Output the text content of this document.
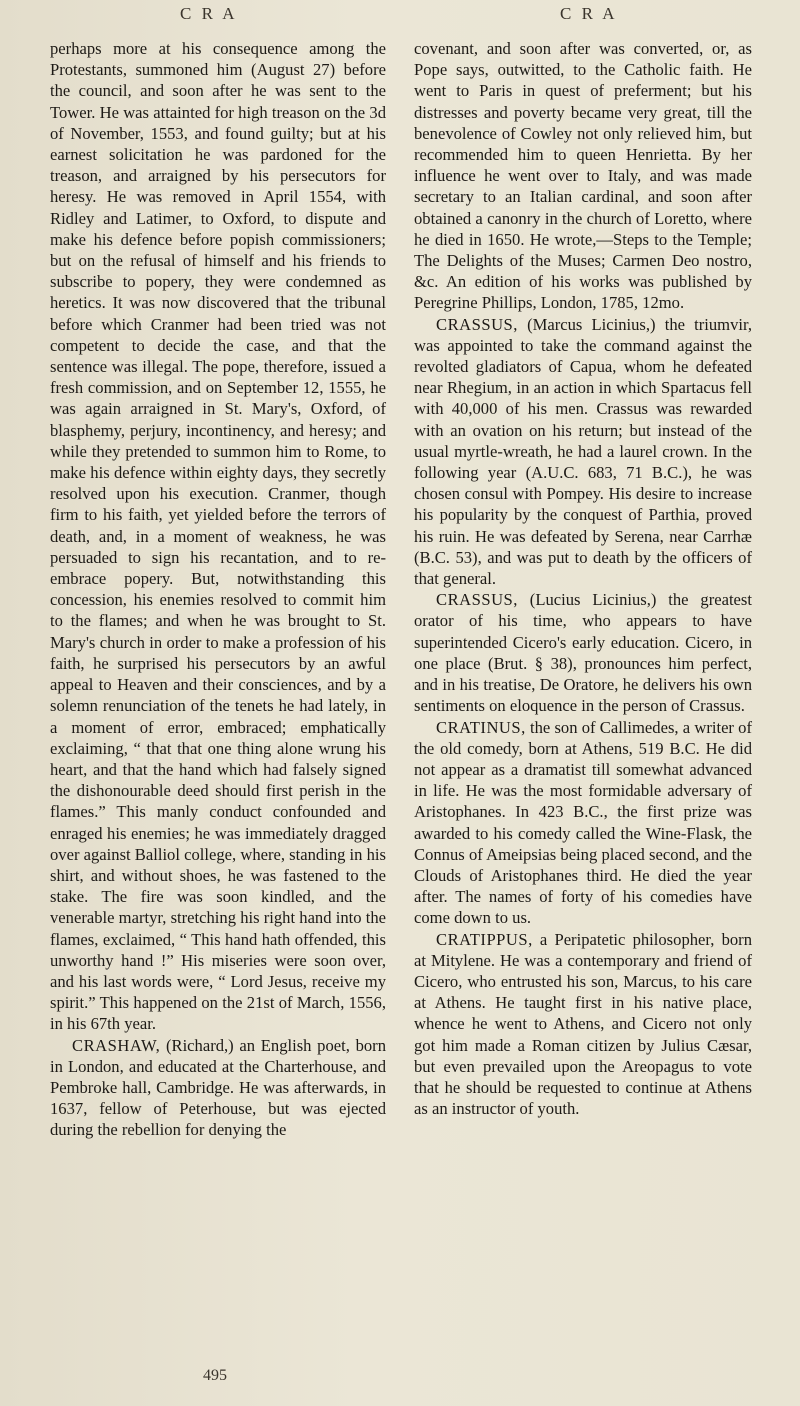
C R A	C R A

perhaps more at his consequence among the Protestants, summoned him (August 27) before the council, and soon after he was sent to the Tower. He was attainted for high treason on the 3d of November, 1553, and found guilty; but at his earnest solicitation he was pardoned for the treason, and arraigned by his persecutors for heresy. He was removed in April 1554, with Ridley and Latimer, to Oxford, to dispute and make his defence before popish commissioners; but on the refusal of himself and his friends to subscribe to popery, they were condemned as heretics. It was now discovered that the tribunal before which Cranmer had been tried was not competent to decide the case, and that the sentence was illegal. The pope, therefore, issued a fresh commission, and on September 12, 1555, he was again arraigned in St. Mary's, Oxford, of blasphemy, perjury, incontinency, and heresy; and while they pretended to summon him to Rome, to make his defence within eighty days, they secretly resolved upon his execution. Cranmer, though firm to his faith, yet yielded before the terrors of death, and, in a moment of weakness, he was persuaded to sign his recantation, and to re-embrace popery. But, notwithstanding this concession, his enemies resolved to commit him to the flames; and when he was brought to St. Mary's church in order to make a profession of his faith, he surprised his persecutors by an awful appeal to Heaven and their consciences, and by a solemn renunciation of the tenets he had lately, in a moment of error, embraced; emphatically exclaiming, “ that that one thing alone wrung his heart, and that the hand which had falsely signed the dishonourable deed should first perish in the flames.” This manly conduct confounded and enraged his enemies; he was immediately dragged over against Balliol college, where, standing in his shirt, and without shoes, he was fastened to the stake. The fire was soon kindled, and the venerable martyr, stretching his right hand into the flames, exclaimed, “ This hand hath offended, this unworthy hand !” His miseries were soon over, and his last words were, “ Lord Jesus, receive my spirit.” This happened on the 21st of March, 1556, in his 67th year.

CRASHAW, (Richard,) an English poet, born in London, and educated at the Charterhouse, and Pembroke hall, Cambridge. He was afterwards, in 1637, fellow of Peterhouse, but was ejected during the rebellion for denying the

covenant, and soon after was converted, or, as Pope says, outwitted, to the Catholic faith. He went to Paris in quest of preferment; but his distresses and poverty became very great, till the benevolence of Cowley not only relieved him, but recommended him to queen Henrietta. By her influence he went over to Italy, and was made secretary to an Italian cardinal, and soon after obtained a canonry in the church of Loretto, where he died in 1650. He wrote,—Steps to the Temple; The Delights of the Muses; Carmen Deo nostro, &c. An edition of his works was published by Peregrine Phillips, London, 1785, 12mo.

CRASSUS, (Marcus Licinius,) the triumvir, was appointed to take the command against the revolted gladiators of Capua, whom he defeated near Rhegium, in an action in which Spartacus fell with 40,000 of his men. Crassus was rewarded with an ovation on his return; but instead of the usual myrtle-wreath, he had a laurel crown. In the following year (A.U.C. 683, 71 B.C.), he was chosen consul with Pompey. His desire to increase his popularity by the conquest of Parthia, proved his ruin. He was defeated by Serena, near Carrhæ (B.C. 53), and was put to death by the officers of that general.

CRASSUS, (Lucius Licinius,) the greatest orator of his time, who appears to have superintended Cicero's early education. Cicero, in one place (Brut. § 38), pronounces him perfect, and in his treatise, De Oratore, he delivers his own sentiments on eloquence in the person of Crassus.

CRATINUS, the son of Callimedes, a writer of the old comedy, born at Athens, 519 B.C. He did not appear as a dramatist till somewhat advanced in life. He was the most formidable adversary of Aristophanes. In 423 B.C., the first prize was awarded to his comedy called the Wine-Flask, the Connus of Ameipsias being placed second, and the Clouds of Aristophanes third. He died the year after. The names of forty of his comedies have come down to us.

CRATIPPUS, a Peripatetic philosopher, born at Mitylene. He was a contemporary and friend of Cicero, who entrusted his son, Marcus, to his care at Athens. He taught first in his native place, whence he went to Athens, and Cicero not only got him made a Roman citizen by Julius Cæsar, but even prevailed upon the Areopagus to vote that he should be requested to continue at Athens as an instructor of youth.

495
